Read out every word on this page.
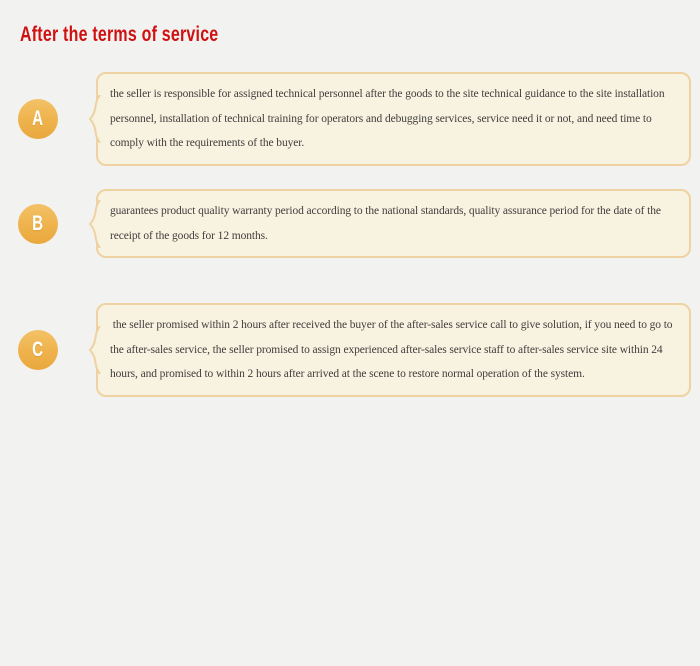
After the terms of service
A

the seller is responsible for assigned technical personnel after the goods to the site technical guidance to the site installation personnel, installation of technical training for operators and debugging services, service need it or not, and need time to comply with the requirements of the buyer.

B

guarantees product quality warranty period according to the national standards, quality assurance period for the date of the receipt of the goods for 12 months.

C

the seller promised within 2 hours after received the buyer of the after-sales service call to give solution, if you need to go to the after-sales service, the seller promised to assign experienced after-sales service staff to after-sales service site within 24 hours, and promised to within 2 hours after arrived at the scene to restore normal operation of the system.
